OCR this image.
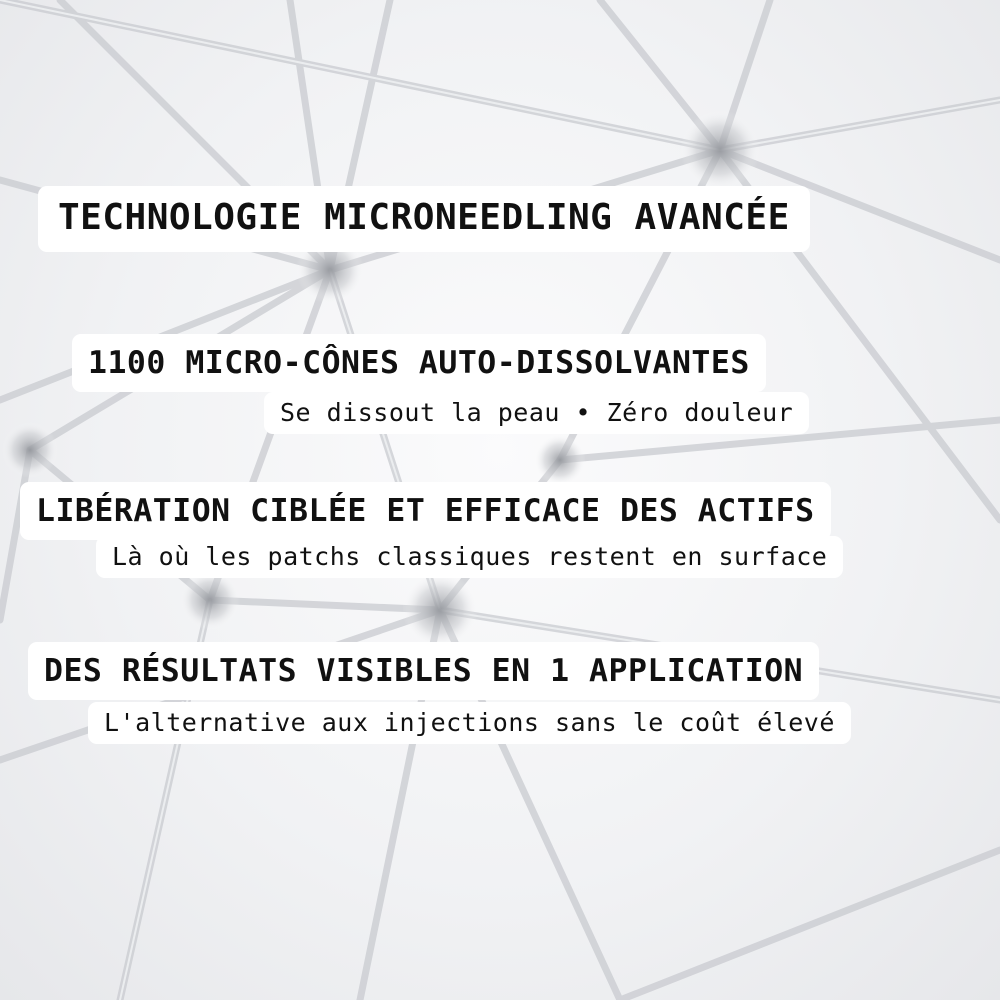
TECHNOLOGIE MICRONEEDLING AVANCÉE
1100 MICRO-CÔNES AUTO-DISSOLVANTES
Se dissout la peau • Zéro douleur
LIBÉRATION CIBLÉE ET EFFICACE DES ACTIFS
Là où les patchs classiques restent en surface
DES RÉSULTATS VISIBLES EN 1 APPLICATION
L'alternative aux injections sans le coût élevé
